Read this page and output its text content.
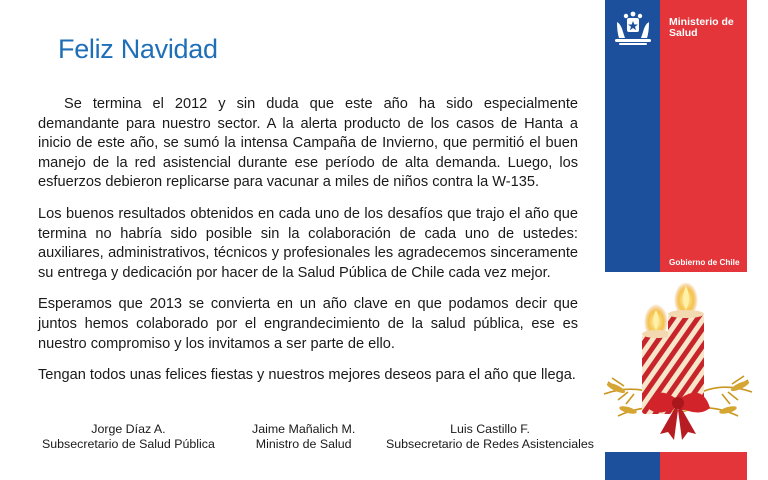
Feliz Navidad

Se termina el 2012 y sin duda que este año ha sido especialmente demandante para nuestro sector. A la alerta producto de los casos de Hanta a inicio de este año, se sumó la intensa Campaña de Invierno, que permitió el buen manejo de la red asistencial durante ese período de alta demanda. Luego, los esfuerzos debieron replicarse para vacunar a miles de niños contra la W-135.

Los buenos resultados obtenidos en cada uno de los desafíos que trajo el año que termina no habría sido posible sin la colaboración de cada uno de ustedes: auxiliares, administrativos, técnicos y profesionales les agradecemos sinceramente su entrega y dedicación por hacer de la Salud Pública de Chile cada vez mejor.

Esperamos que 2013 se convierta en un año clave en que podamos decir que juntos hemos colaborado por el engrandecimiento de la salud pública, ese es nuestro compromiso y los invitamos a ser parte de ello.

Tengan todos unas felices fiestas y nuestros mejores deseos para el año que llega.

Jorge Díaz A.
Subsecretario de Salud Pública
Jaime Mañalich M.
Ministro de Salud
Luis Castillo F.
Subsecretario de Redes Asistenciales
Ministerio de
Salud
Gobierno de Chile
